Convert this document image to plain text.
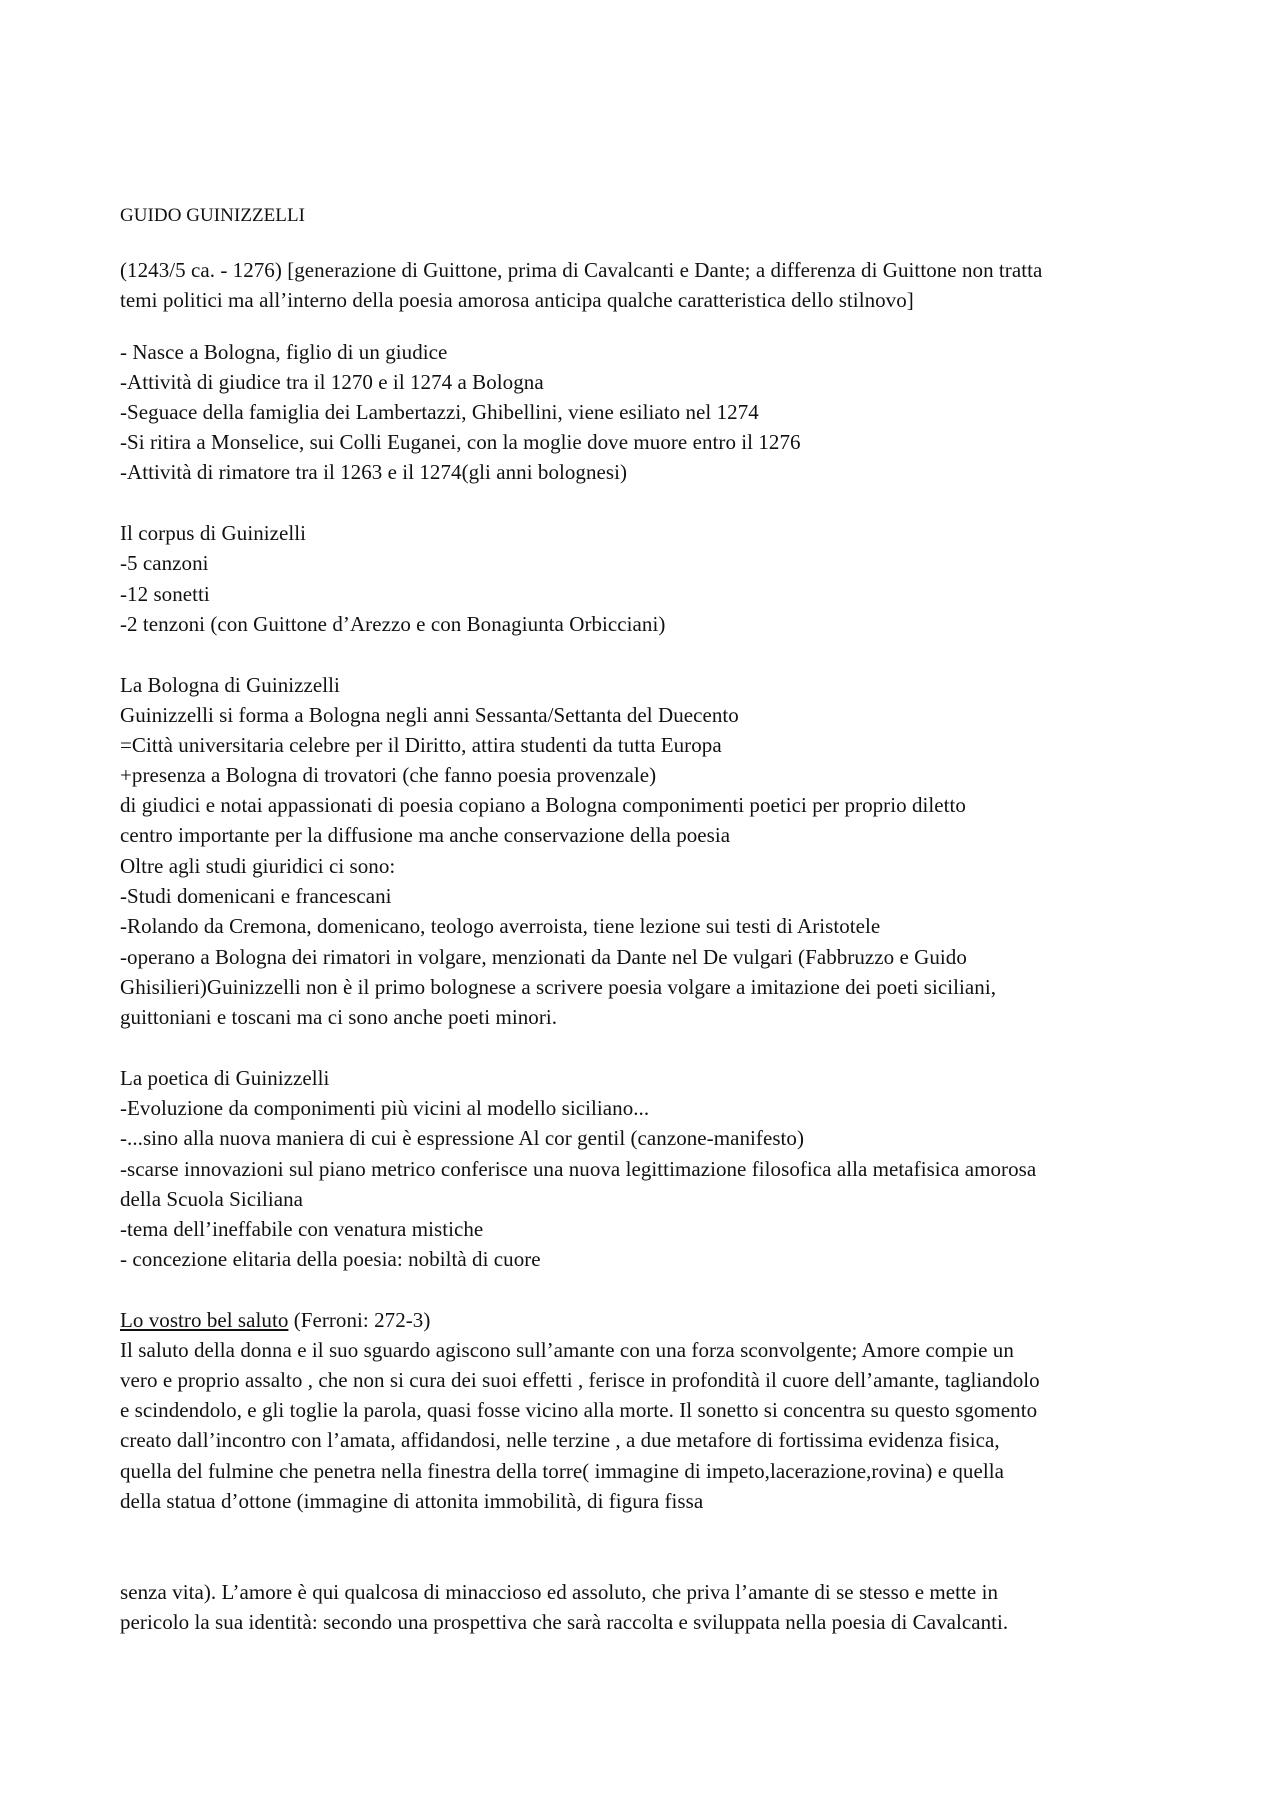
GUIDO GUINIZZELLI
(1243/5 ca. - 1276) [generazione di Guittone, prima di Cavalcanti e Dante; a differenza di Guittone non tratta
temi politici ma all’interno della poesia amorosa anticipa qualche caratteristica dello stilnovo]
- Nasce a Bologna, figlio di un giudice
-Attività di giudice tra il 1270 e il 1274 a Bologna
-Seguace della famiglia dei Lambertazzi, Ghibellini, viene esiliato nel 1274
-Si ritira a Monselice, sui Colli Euganei, con la moglie dove muore entro il 1276
-Attività di rimatore tra il 1263 e il 1274(gli anni bolognesi)
Il corpus di Guinizelli
-5 canzoni
-12 sonetti
-2 tenzoni (con Guittone d’Arezzo e con Bonagiunta Orbicciani)
La Bologna di Guinizzelli
Guinizzelli si forma a Bologna negli anni Sessanta/Settanta del Duecento
=Città universitaria celebre per il Diritto, attira studenti da tutta Europa
+presenza a Bologna di trovatori (che fanno poesia provenzale)
di giudici e notai appassionati di poesia copiano a Bologna componimenti poetici per proprio diletto
centro importante per la diffusione ma anche conservazione della poesia
Oltre agli studi giuridici ci sono:
-Studi domenicani e francescani
-Rolando da Cremona, domenicano, teologo averroista, tiene lezione sui testi di Aristotele
-operano a Bologna dei rimatori in volgare, menzionati da Dante nel De vulgari (Fabbruzzo e Guido
Ghisilieri)Guinizzelli non è il primo bolognese a scrivere poesia volgare a imitazione dei poeti siciliani,
guittoniani e toscani ma ci sono anche poeti minori.
La poetica di Guinizzelli
-Evoluzione da componimenti più vicini al modello siciliano...
-...sino alla nuova maniera di cui è espressione Al cor gentil (canzone-manifesto)
-scarse innovazioni sul piano metrico conferisce una nuova legittimazione filosofica alla metafisica amorosa
della Scuola Siciliana
-tema dell’ineffabile con venatura mistiche
- concezione elitaria della poesia: nobiltà di cuore
Lo vostro bel saluto (Ferroni: 272-3)
Il saluto della donna e il suo sguardo agiscono sull’amante con una forza sconvolgente; Amore compie un
vero e proprio assalto , che non si cura dei suoi effetti , ferisce in profondità il cuore dell’amante, tagliandolo
e scindendolo, e gli toglie la parola, quasi fosse vicino alla morte. Il sonetto si concentra su questo sgomento
creato dall’incontro con l’amata, affidandosi, nelle terzine , a due metafore di fortissima evidenza fisica,
quella del fulmine che penetra nella finestra della torre( immagine di impeto,lacerazione,rovina) e quella
della statua d’ottone (immagine di attonita immobilità, di figura fissa
senza vita). L’amore è qui qualcosa di minaccioso ed assoluto, che priva l’amante di se stesso e mette in
pericolo la sua identità: secondo una prospettiva che sarà raccolta e sviluppata nella poesia di Cavalcanti.
